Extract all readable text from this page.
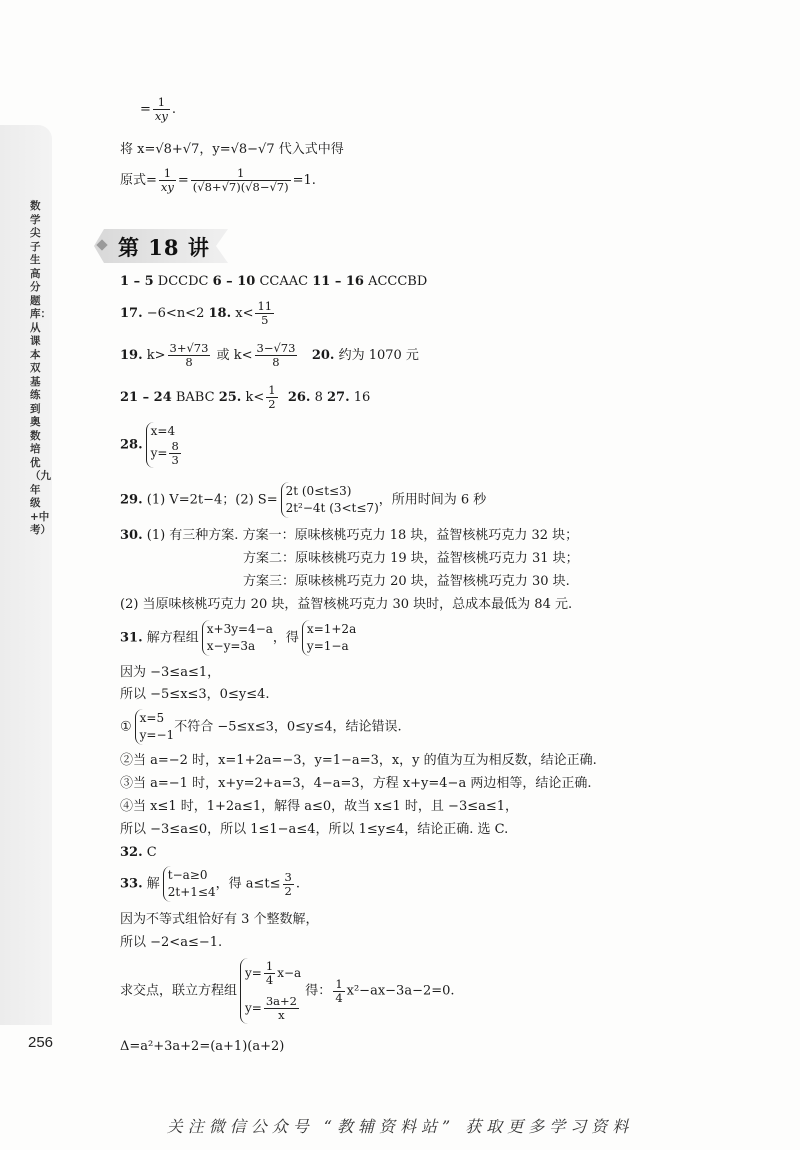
数学尖子生高分题库：从课本双基练到奥数培优（九年级+中考）
256
= $\frac{1}{xy}$ .
将 x=√8+√7，y=√8−√7 代入式中得
原式= $\frac{1}{xy} = \frac{1}{(√8+√7)(√8-√7)} =1$.
第 18 讲
1 – 5 DCCDC 6 – 10 CCAAC 11 – 16 ACCCBD
17. −6<n<2 18. $x< \frac{11}{5}$
19. $k> \frac{3+√73}{8}$ 或 $k< \frac{3-√73}{8} 20$. 约为 1070 元
21 – 24 BABC 25. $k< \frac{1}{2} 26$. 8 27. 16
28.
x=4
$y= \frac{8}{3}$
29. (1) V=2t−4；(2) S=
2t (0≤t≤3)
2t²−4t (3<t≤7)
，所用时间为 6 秒
30. (1) 有三种方案. 方案一：原味核桃巧克力 18 块，益智核桃巧克力 32 块；
方案二：原味核桃巧克力 19 块，益智核桃巧克力 31 块；
方案三：原味核桃巧克力 20 块，益智核桃巧克力 30 块.
(2) 当原味核桃巧克力 20 块，益智核桃巧克力 30 块时，总成本最低为 84 元.
31. 解方程组
x+3y=4−a
x−y=3a
，得
x=1+2a
y=1−a
因为 −3≤a≤1，
所以 −5≤x≤3，0≤y≤4.
①
x=5
y=−1
不符合 −5≤x≤3，0≤y≤4，结论错误.
②当 a=−2 时，x=1+2a=−3，y=1−a=3，x，y 的值为互为相反数，结论正确.
③当 a=−1 时，x+y=2+a=3，4−a=3，方程 x+y=4−a 两边相等，结论正确.
④当 x≤1 时，1+2a≤1，解得 a≤0，故当 x≤1 时，且 −3≤a≤1，
所以 −3≤a≤0，所以 1≤1−a≤4，所以 1≤y≤4，结论正确. 选 C.
32. C
33. 解
t−a≥0
2t+1≤4
，得 $a\le t\le \frac{3}{2}$ .
因为不等式组恰好有 3 个整数解，
所以 −2<a≤−1.
求交点，联立方程组
$y= \frac{1}{4} x-a$
$y= \frac{3a+2}{x}$
得： $\frac{1}{4} x^2-ax-3a-2=0$.
Δ=a²+3a+2=(a+1)(a+2)
关注微信公众号 “教辅资料站” 获取更多学习资料
